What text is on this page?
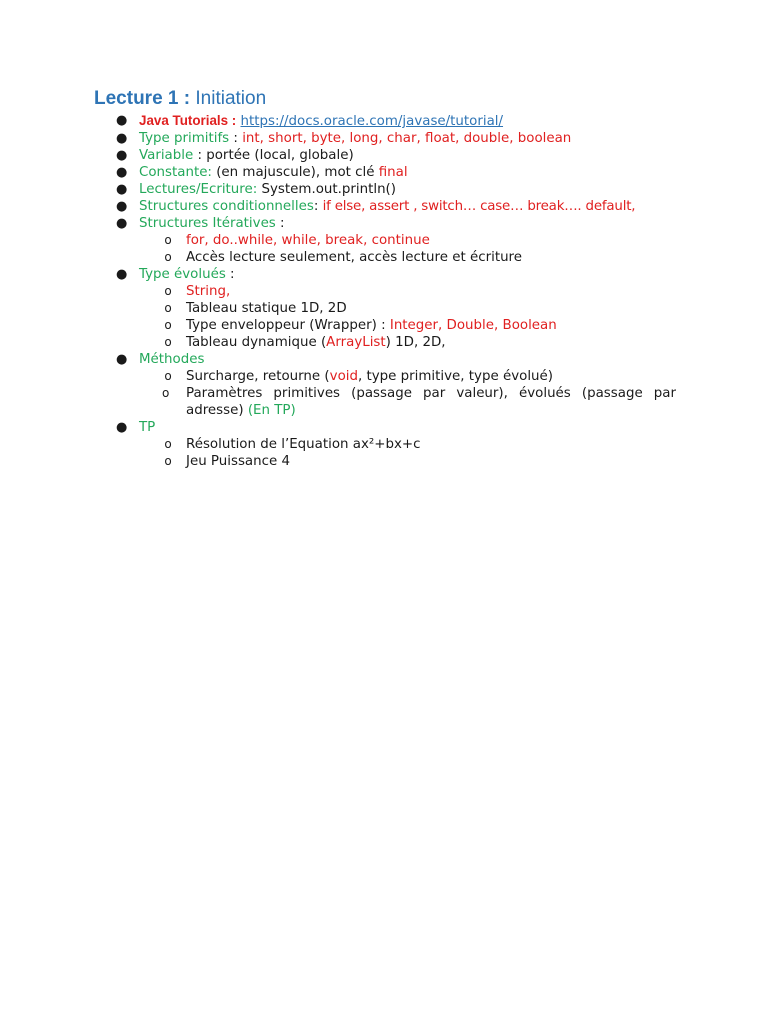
Lecture 1 : Initiation
● Java Tutorials : https://docs.oracle.com/javase/tutorial/
● Type primitifs : int, short, byte, long, char, float, double, boolean
● Variable : portée (local, globale)
● Constante: (en majuscule), mot clé final
● Lectures/Ecriture: System.out.println()
● Structures conditionnelles: if else, assert , switch… case… break…. default,
● Structures Itératives :
o for, do..while, while, break, continue
o Accès lecture seulement, accès lecture et écriture
● Type évolués :
o String,
o Tableau statique 1D, 2D
o Type enveloppeur (Wrapper) : Integer, Double, Boolean
o Tableau dynamique (ArrayList) 1D, 2D,
● Méthodes
o Surcharge, retourne (void, type primitive, type évolué)
o	Paramètres primitives (passage par valeur), évolués (passage par adresse) (En TP)
● TP
o Résolution de l’Equation ax²+bx+c
o Jeu Puissance 4
